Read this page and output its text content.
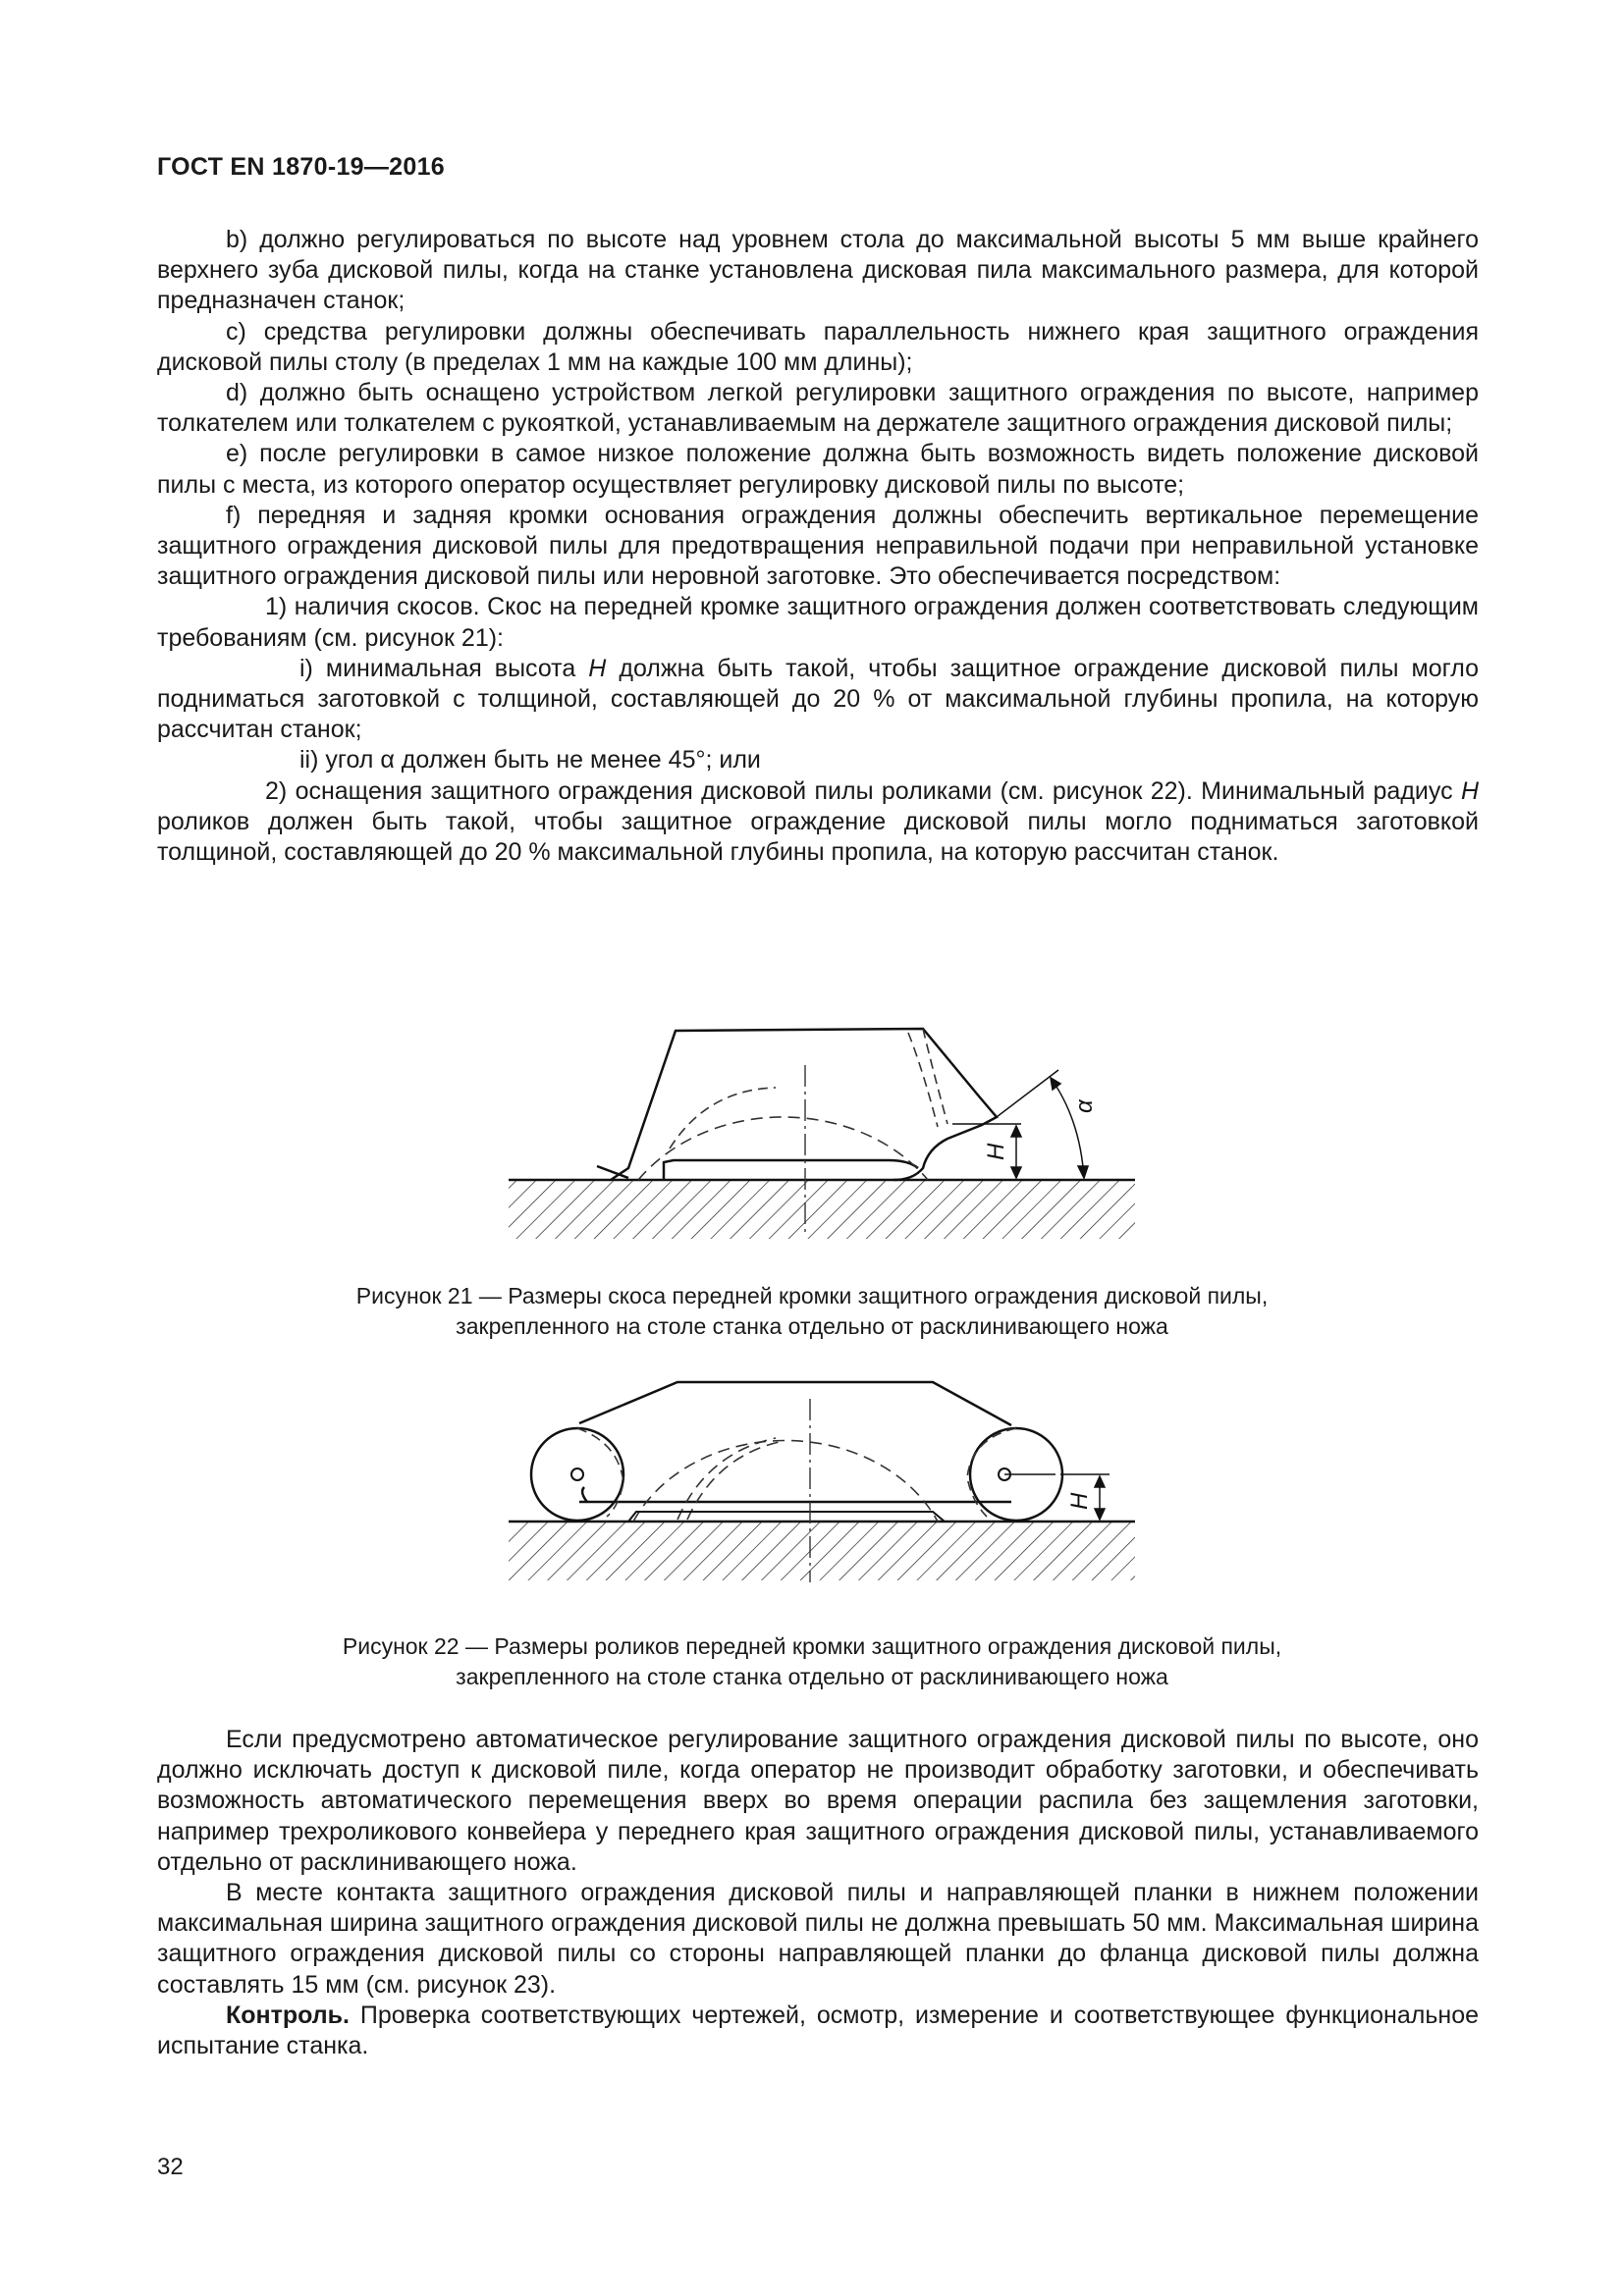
ГОСТ EN 1870-19—2016

b) должно регулироваться по высоте над уровнем стола до максимальной высоты 5 мм выше крайнего верхнего зуба дисковой пилы, когда на станке установлена дисковая пила максимального размера, для которой предназначен станок;

c) средства регулировки должны обеспечивать параллельность нижнего края защитного ограждения дисковой пилы столу (в пределах 1 мм на каждые 100 мм длины);

d) должно быть оснащено устройством легкой регулировки защитного ограждения по высоте, например толкателем или толкателем с рукояткой, устанавливаемым на держателе защитного ограждения дисковой пилы;

e) после регулировки в самое низкое положение должна быть возможность видеть положение дисковой пилы с места, из которого оператор осуществляет регулировку дисковой пилы по высоте;

f) передняя и задняя кромки основания ограждения должны обеспечить вертикальное перемещение защитного ограждения дисковой пилы для предотвращения неправильной подачи при неправильной установке защитного ограждения дисковой пилы или неровной заготовке. Это обеспечивается посредством:

1) наличия скосов. Скос на передней кромке защитного ограждения должен соответствовать следующим требованиям (см. рисунок 21):

i) минимальная высота H должна быть такой, чтобы защитное ограждение дисковой пилы могло подниматься заготовкой с толщиной, составляющей до 20 % от максимальной глубины пропила, на которую рассчитан станок;

ii) угол α должен быть не менее 45°; или

2) оснащения защитного ограждения дисковой пилы роликами (см. рисунок 22). Минимальный радиус H роликов должен быть такой, чтобы защитное ограждение дисковой пилы могло подниматься заготовкой толщиной, составляющей до 20 % максимальной глубины пропила, на которую рассчитан станок.

H
α
Рисунок 21 — Размеры скоса передней кромки защитного ограждения дисковой пилы,
закрепленного на столе станка отдельно от расклинивающего ножа
H
Рисунок 22 — Размеры роликов передней кромки защитного ограждения дисковой пилы,
закрепленного на столе станка отдельно от расклинивающего ножа

Если предусмотрено автоматическое регулирование защитного ограждения дисковой пилы по высоте, оно должно исключать доступ к дисковой пиле, когда оператор не производит обработку заготовки, и обеспечивать возможность автоматического перемещения вверх во время операции распила без защемления заготовки, например трехроликового конвейера у переднего края защитного ограждения дисковой пилы, устанавливаемого отдельно от расклинивающего ножа.

В месте контакта защитного ограждения дисковой пилы и направляющей планки в нижнем положении максимальная ширина защитного ограждения дисковой пилы не должна превышать 50 мм. Максимальная ширина защитного ограждения дисковой пилы со стороны направляющей планки до фланца дисковой пилы должна составлять 15 мм (см. рисунок 23).

Контроль. Проверка соответствующих чертежей, осмотр, измерение и соответствующее функциональное испытание станка.

32
